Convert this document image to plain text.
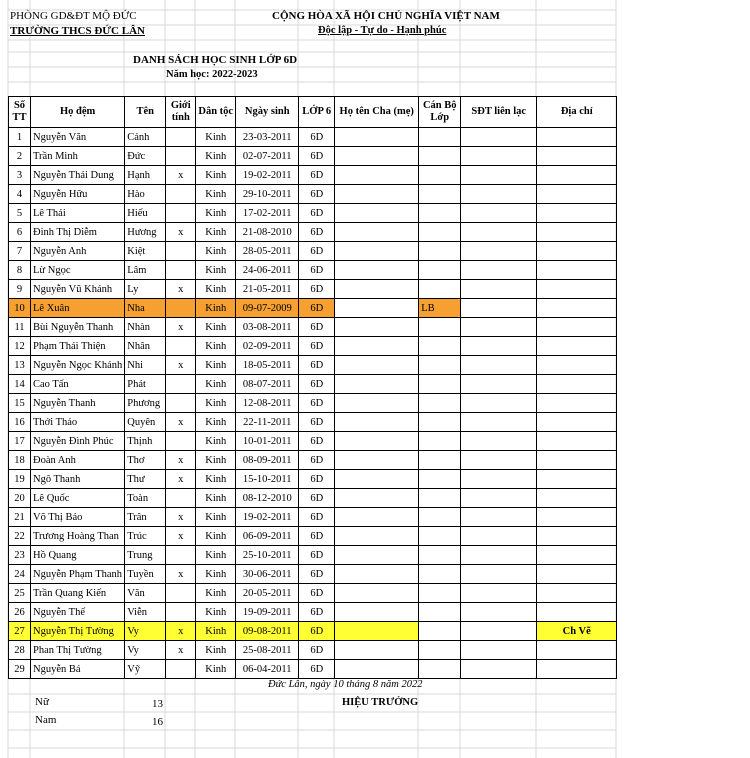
PHÒNG GD&ĐT MỘ ĐỨC
TRƯỜNG THCS ĐỨC LÂN
CỘNG HÒA XÃ HỘI CHỦ NGHĨA VIỆT NAM
Độc lập - Tự do - Hạnh phúc
DANH SÁCH HỌC SINH LỚP 6D
Năm học: 2022-2023
Số TT	Họ đệm	Tên	Giới tính	Dân tộc	Ngày sinh	LỚP 6	Họ tên Cha (mẹ)	Cán Bộ Lớp	SĐT liên lạc	Địa chỉ
1	Nguyễn Văn	Cảnh		Kinh	23-03-2011	6D				
2	Trần Minh	Đức		Kinh	02-07-2011	6D				
3	Nguyễn Thái Dung	Hạnh	x	Kinh	19-02-2011	6D				
4	Nguyễn Hữu	Hào		Kinh	29-10-2011	6D				
5	Lê Thái	Hiếu		Kinh	17-02-2011	6D				
6	Đinh Thị Diễm	Hương	x	Kinh	21-08-2010	6D				
7	Nguyễn Anh	Kiệt		Kinh	28-05-2011	6D				
8	Lừ Ngọc	Lâm		Kinh	24-06-2011	6D				
9	Nguyễn Vũ Khánh	Ly	x	Kinh	21-05-2011	6D				
10	Lê Xuân	Nha		Kinh	09-07-2009	6D		LB		
11	Bùi Nguyễn Thanh	Nhàn	x	Kinh	03-08-2011	6D				
12	Phạm Thái Thiện	Nhân		Kinh	02-09-2011	6D				
13	Nguyễn Ngọc Khánh	Nhi	x	Kinh	18-05-2011	6D				
14	Cao Tấn	Phát		Kinh	08-07-2011	6D				
15	Nguyễn Thanh	Phương		Kinh	12-08-2011	6D				
16	Thới Thảo	Quyên	x	Kinh	22-11-2011	6D				
17	Nguyễn Đình Phúc	Thịnh		Kinh	10-01-2011	6D				
18	Đoàn Anh	Thơ	x	Kinh	08-09-2011	6D				
19	Ngô Thanh	Thư	x	Kinh	15-10-2011	6D				
20	Lê Quốc	Toàn		Kinh	08-12-2010	6D				
21	Võ Thị Bảo	Trân	x	Kinh	19-02-2011	6D				
22	Trương Hoàng Than	Trúc	x	Kinh	06-09-2011	6D				
23	Hồ Quang	Trung		Kinh	25-10-2011	6D				
24	Nguyễn Phạm Thanh	Tuyền	x	Kinh	30-06-2011	6D				
25	Trần Quang Kiến	Văn		Kinh	20-05-2011	6D				
26	Nguyễn Thế	Viễn		Kinh	19-09-2011	6D				
27	Nguyễn Thị Tường	Vy	x	Kinh	09-08-2011	6D				Ch Vẽ
28	Phan Thị Tường	Vy	x	Kinh	25-08-2011	6D				
29	Nguyễn Bá	Vỹ		Kinh	06-04-2011	6D				
Đức Lân, ngày 10 tháng 8 năm 2022
HIỆU TRƯỞNG
Nữ	13
Nam	16
